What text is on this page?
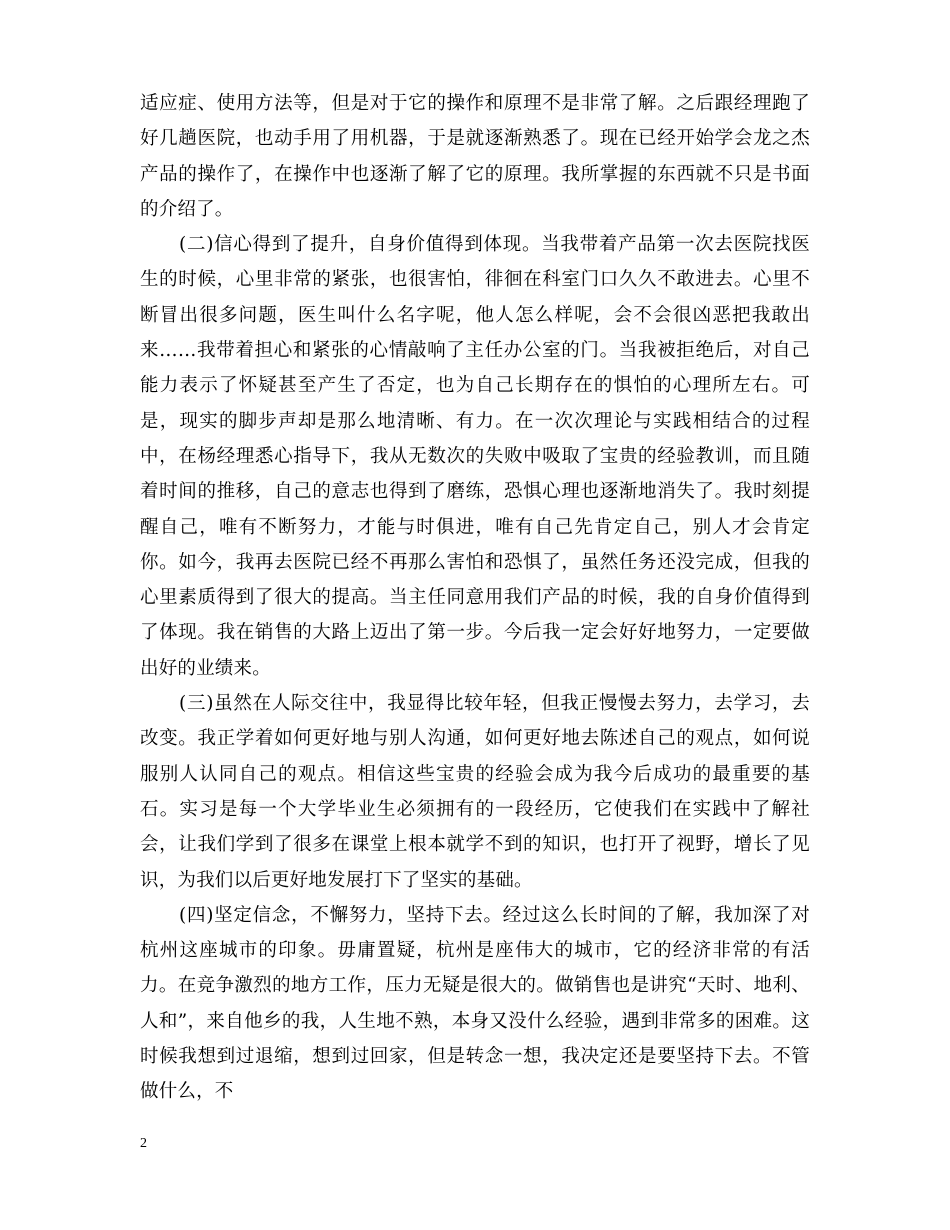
适应症、使用方法等，但是对于它的操作和原理不是非常了解。之后跟经理跑了好几趟医院，也动手用了用机器，于是就逐渐熟悉了。现在已经开始学会龙之杰产品的操作了，在操作中也逐渐了解了它的原理。我所掌握的东西就不只是书面的介绍了。

(二)信心得到了提升，自身价值得到体现。当我带着产品第一次去医院找医生的时候，心里非常的紧张，也很害怕，徘徊在科室门口久久不敢进去。心里不断冒出很多问题，医生叫什么名字呢，他人怎么样呢，会不会很凶恶把我敢出来……我带着担心和紧张的心情敲响了主任办公室的门。当我被拒绝后，对自己能力表示了怀疑甚至产生了否定，也为自己长期存在的惧怕的心理所左右。可是，现实的脚步声却是那么地清晰、有力。在一次次理论与实践相结合的过程中，在杨经理悉心指导下，我从无数次的失败中吸取了宝贵的经验教训，而且随着时间的推移，自己的意志也得到了磨练，恐惧心理也逐渐地消失了。我时刻提醒自己，唯有不断努力，才能与时俱进，唯有自己先肯定自己，别人才会肯定你。如今，我再去医院已经不再那么害怕和恐惧了，虽然任务还没完成，但我的心里素质得到了很大的提高。当主任同意用我们产品的时候，我的自身价值得到了体现。我在销售的大路上迈出了第一步。今后我一定会好好地努力，一定要做出好的业绩来。

(三)虽然在人际交往中，我显得比较年轻，但我正慢慢去努力，去学习，去改变。我正学着如何更好地与别人沟通，如何更好地去陈述自己的观点，如何说服别人认同自己的观点。相信这些宝贵的经验会成为我今后成功的最重要的基石。实习是每一个大学毕业生必须拥有的一段经历，它使我们在实践中了解社会，让我们学到了很多在课堂上根本就学不到的知识，也打开了视野，增长了见识，为我们以后更好地发展打下了坚实的基础。

(四)坚定信念，不懈努力，坚持下去。经过这么长时间的了解，我加深了对杭州这座城市的印象。毋庸置疑，杭州是座伟大的城市，它的经济非常的有活力。在竞争激烈的地方工作，压力无疑是很大的。做销售也是讲究“天时、地利、人和”，来自他乡的我，人生地不熟，本身又没什么经验，遇到非常多的困难。这时候我想到过退缩，想到过回家，但是转念一想，我决定还是要坚持下去。不管做什么，不

2
